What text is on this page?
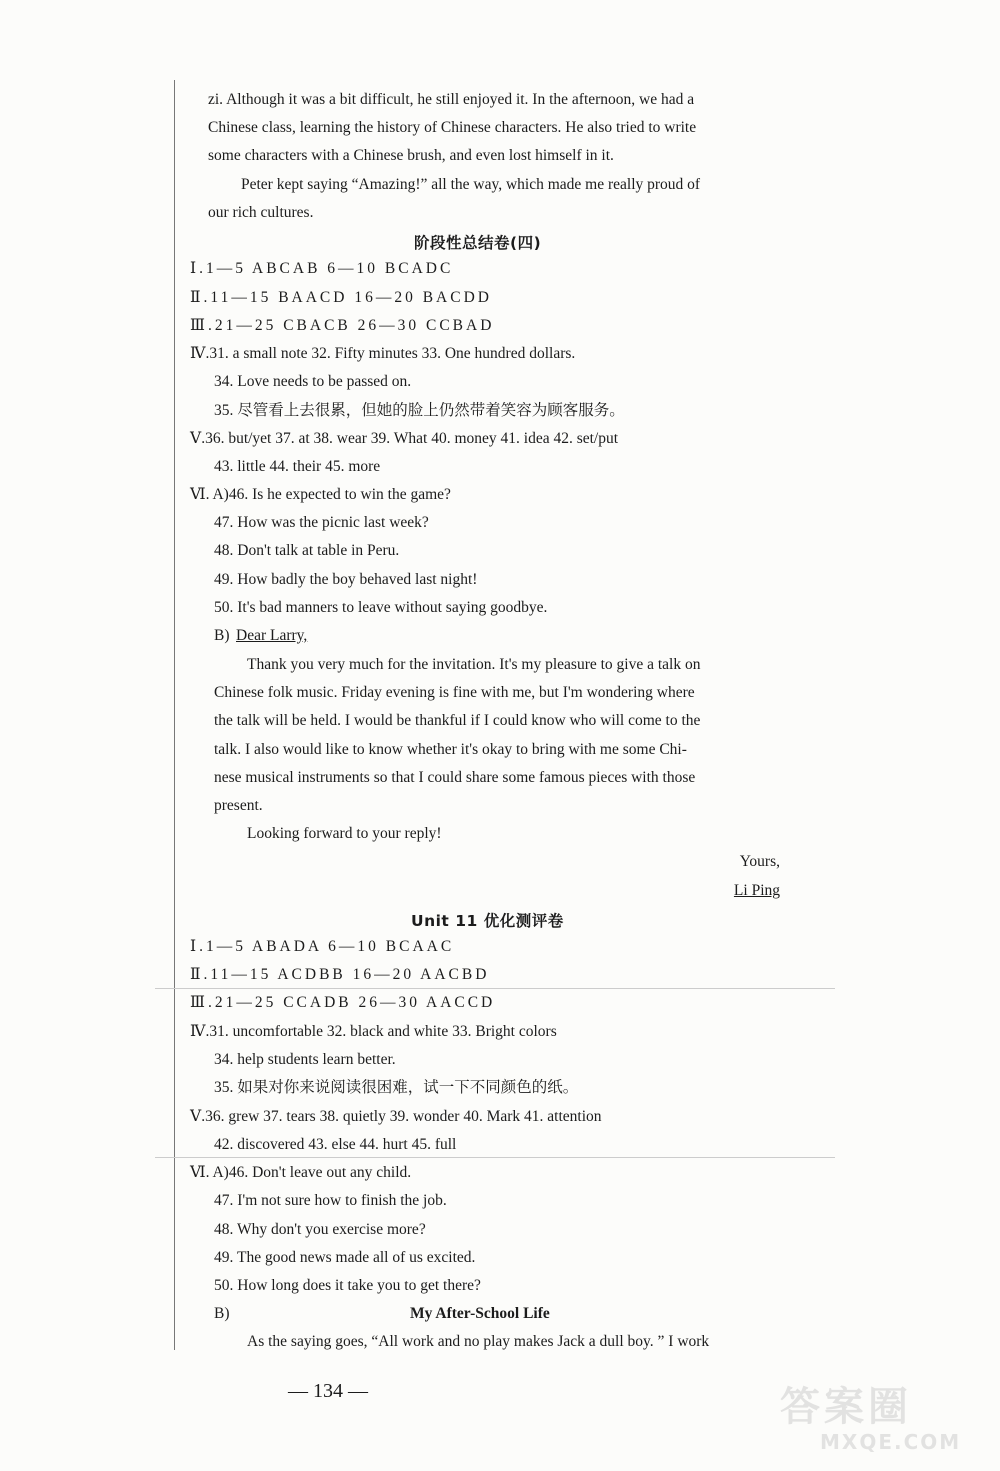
zi. Although it was a bit difficult, he still enjoyed it. In the afternoon, we had a
Chinese class, learning the history of Chinese characters. He also tried to write
some characters with a Chinese brush, and even lost himself in it.
Peter kept saying “Amazing!” all the way, which made me really proud of
our rich cultures.
阶段性总结卷(四)
Ⅰ.1—5 ABCAB 6—10 BCADC
Ⅱ.11—15 BAACD 16—20 BACDD
Ⅲ.21—25 CBACB 26—30 CCBAD
Ⅳ.31. a small note 32. Fifty minutes 33. One hundred dollars.
34. Love needs to be passed on.
35. 尽管看上去很累，但她的脸上仍然带着笑容为顾客服务。
Ⅴ.36. but/yet 37. at 38. wear 39. What 40. money 41. idea 42. set/put
43. little 44. their 45. more
Ⅵ. A)46. Is he expected to win the game?
47. How was the picnic last week?
48. Don't talk at table in Peru.
49. How badly the boy behaved last night!
50. It's bad manners to leave without saying goodbye.
B) Dear Larry,
Thank you very much for the invitation. It's my pleasure to give a talk on
Chinese folk music. Friday evening is fine with me, but I'm wondering where
the talk will be held. I would be thankful if I could know who will come to the
talk. I also would like to know whether it's okay to bring with me some Chi-
nese musical instruments so that I could share some famous pieces with those
present.
Looking forward to your reply!
Yours,
Li Ping
Unit 11 优化测评卷
Ⅰ.1—5 ABADA 6—10 BCAAC
Ⅱ.11—15 ACDBB 16—20 AACBD
Ⅲ.21—25 CCADB 26—30 AACCD
Ⅳ.31. uncomfortable 32. black and white 33. Bright colors
34. help students learn better.
35. 如果对你来说阅读很困难，试一下不同颜色的纸。
Ⅴ.36. grew 37. tears 38. quietly 39. wonder 40. Mark 41. attention
42. discovered 43. else 44. hurt 45. full
Ⅵ. A)46. Don't leave out any child.
47. I'm not sure how to finish the job.
48. Why don't you exercise more?
49. The good news made all of us excited.
50. How long does it take you to get there?
B)	My After-School Life
As the saying goes, “All work and no play makes Jack a dull boy. ” I work
— 134 —	答案圈
MXQE.COM
